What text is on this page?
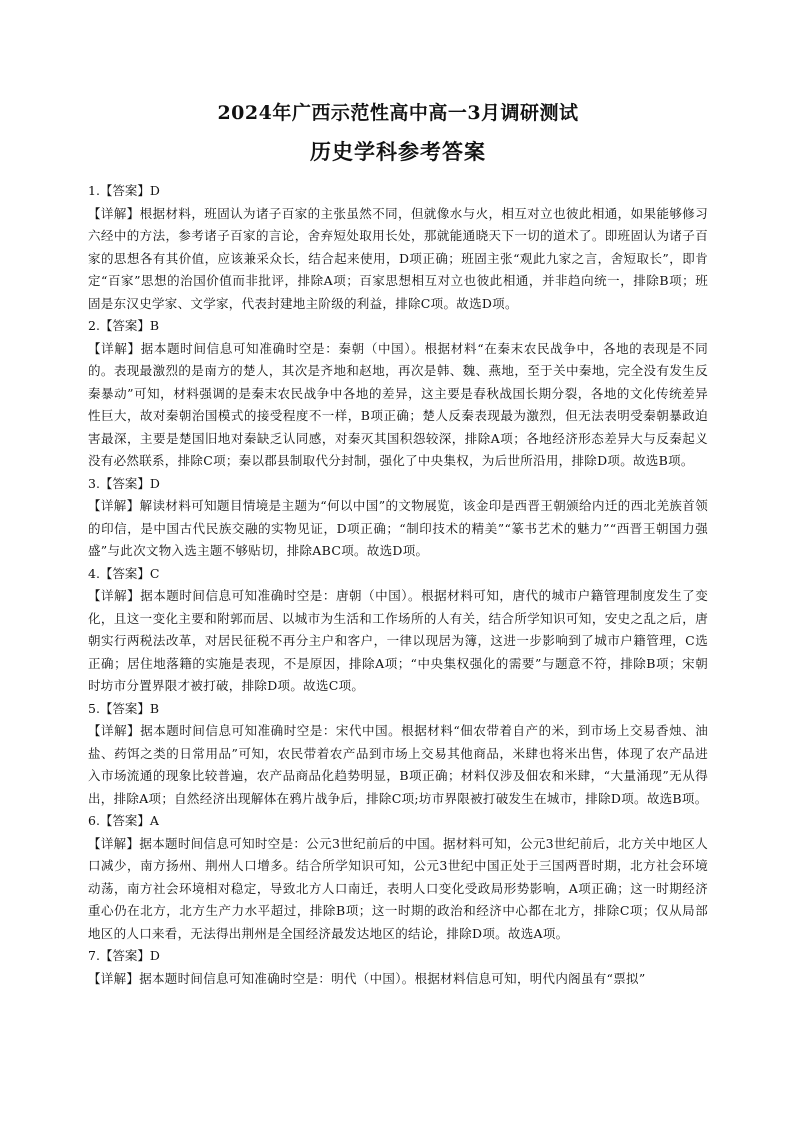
2024年广西示范性高中高一3月调研测试
历史学科参考答案

1.【答案】D

【详解】根据材料，班固认为诸子百家的主张虽然不同，但就像水与火，相互对立也彼此相通，如果能够修习六经中的方法，参考诸子百家的言论，舍弃短处取用长处，那就能通晓天下一切的道术了。即班固认为诸子百家的思想各有其价值，应该兼采众长，结合起来使用，D项正确；班固主张“观此九家之言，舍短取长”，即肯定“百家”思想的治国价值而非批评，排除A项；百家思想相互对立也彼此相通，并非趋向统一，排除B项；班固是东汉史学家、文学家，代表封建地主阶级的利益，排除C项。故选D项。

2.【答案】B

【详解】据本题时间信息可知准确时空是：秦朝（中国）。根据材料“在秦末农民战争中，各地的表现是不同的。表现最激烈的是南方的楚人，其次是齐地和赵地，再次是韩、魏、燕地，至于关中秦地，完全没有发生反秦暴动”可知，材料强调的是秦末农民战争中各地的差异，这主要是春秋战国长期分裂，各地的文化传统差异性巨大，故对秦朝治国模式的接受程度不一样，B项正确；楚人反秦表现最为激烈，但无法表明受秦朝暴政迫害最深，主要是楚国旧地对秦缺乏认同感，对秦灭其国积怨较深，排除A项；各地经济形态差异大与反秦起义没有必然联系，排除C项；秦以郡县制取代分封制，强化了中央集权，为后世所沿用，排除D项。故选B项。

3.【答案】D

【详解】解读材料可知题目情境是主题为“何以中国”的文物展览，该金印是西晋王朝颁给内迁的西北羌族首领的印信，是中国古代民族交融的实物见证，D项正确；“制印技术的精美”“篆书艺术的魅力”“西晋王朝国力强盛”与此次文物入选主题不够贴切，排除ABC项。故选D项。

4.【答案】C

【详解】据本题时间信息可知准确时空是：唐朝（中国）。根据材料可知，唐代的城市户籍管理制度发生了变化，且这一变化主要和附郭而居、以城市为生活和工作场所的人有关，结合所学知识可知，安史之乱之后，唐朝实行两税法改革，对居民征税不再分主户和客户，一律以现居为簿，这进一步影响到了城市户籍管理，C选正确；居住地落籍的实施是表现，不是原因，排除A项；“中央集权强化的需要”与题意不符，排除B项；宋朝时坊市分置界限才被打破，排除D项。故选C项。

5.【答案】B

【详解】据本题时间信息可知准确时空是：宋代中国。根据材料“佃农带着自产的米，到市场上交易香烛、油盐、药饵之类的日常用品”可知，农民带着农产品到市场上交易其他商品，米肆也将米出售，体现了农产品进入市场流通的现象比较普遍，农产品商品化趋势明显，B项正确；材料仅涉及佃农和米肆，“大量涌现”无从得出，排除A项；自然经济出现解体在鸦片战争后，排除C项;坊市界限被打破发生在城市，排除D项。故选B项。

6.【答案】A

【详解】据本题时间信息可知时空是：公元3世纪前后的中国。据材料可知，公元3世纪前后，北方关中地区人口减少，南方扬州、荆州人口增多。结合所学知识可知，公元3世纪中国正处于三国两晋时期，北方社会环境动荡，南方社会环境相对稳定，导致北方人口南迁，表明人口变化受政局形势影响，A项正确；这一时期经济重心仍在北方，北方生产力水平超过，排除B项；这一时期的政治和经济中心都在北方，排除C项；仅从局部地区的人口来看，无法得出荆州是全国经济最发达地区的结论，排除D项。故选A项。

7.【答案】D

【详解】据本题时间信息可知准确时空是：明代（中国）。根据材料信息可知，明代内阁虽有“票拟”
